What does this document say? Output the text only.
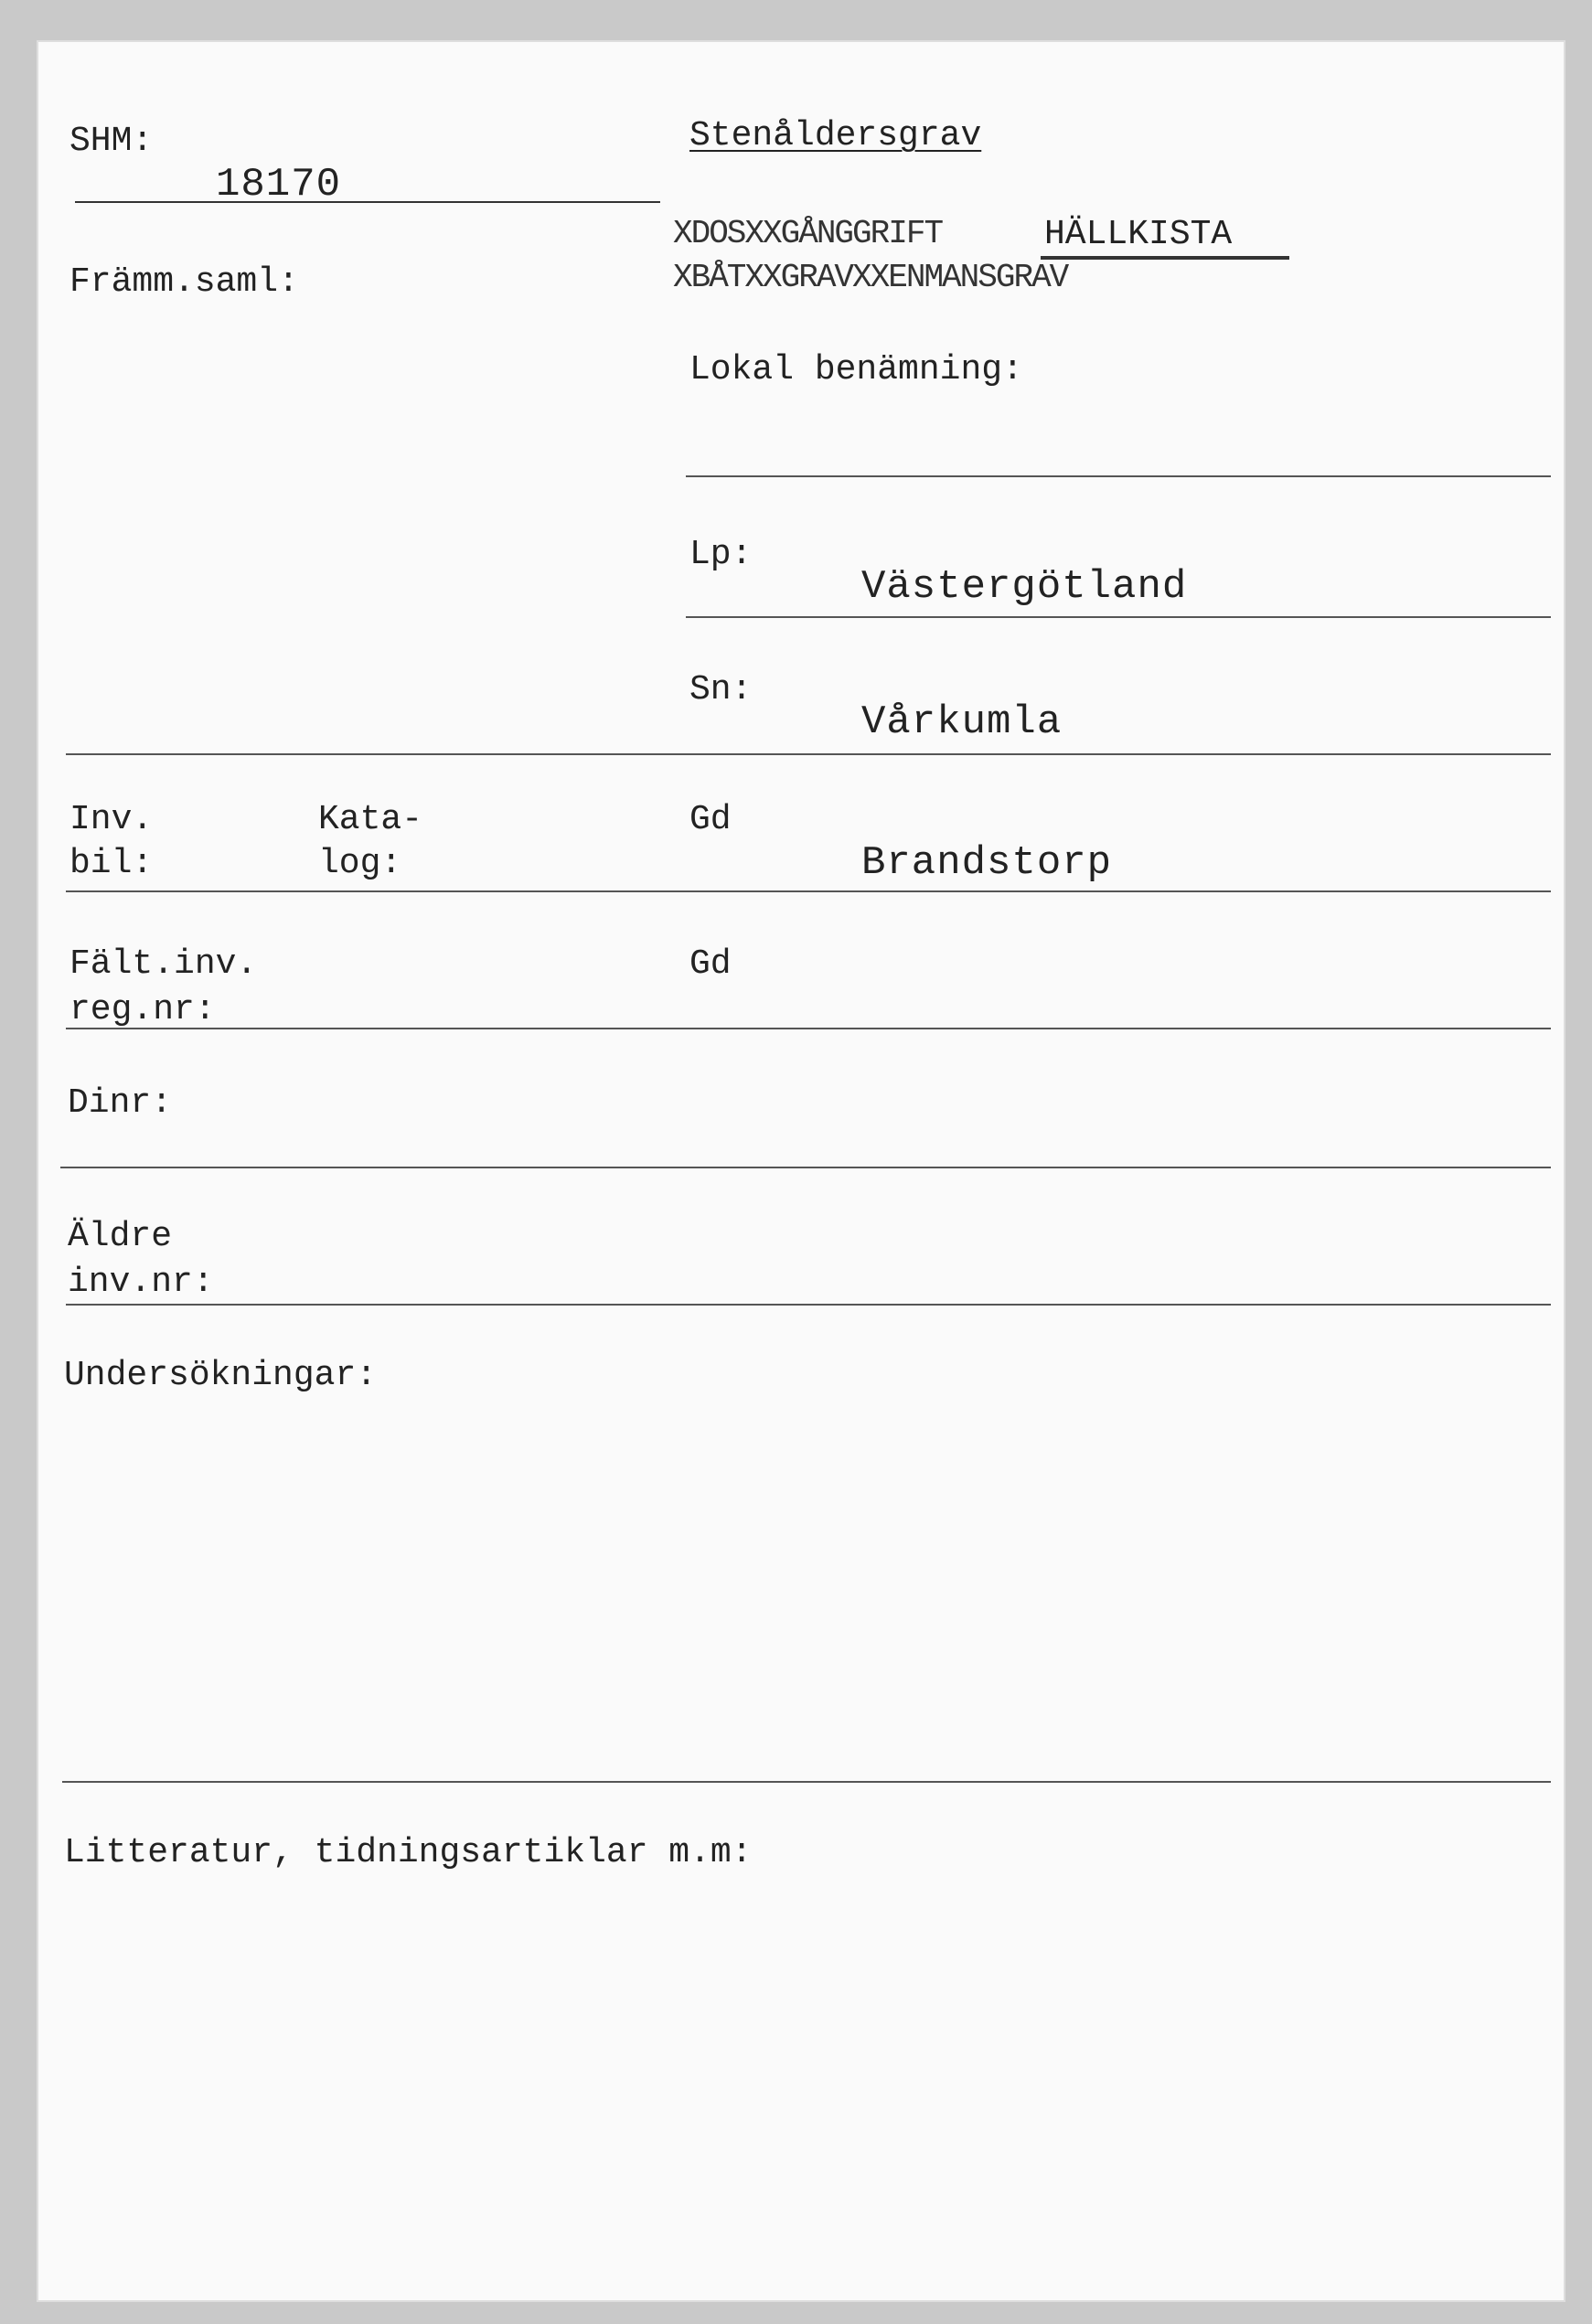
SHM:
18170
Stenåldersgrav
XDOSXXGÅNGGRIFT	HÄLLKISTA
XBÅTXXGRAVXXENMANSGRAV
Främm.saml:
Lokal benämning:
Lp:
Västergötland
Sn:
Vårkumla
Inv.
bil:
Kata-
log:
Gd
Brandstorp
Fält.inv.
reg.nr:
Gd
Dinr:
Äldre
inv.nr:
Undersökningar:
Litteratur, tidningsartiklar m.m:
